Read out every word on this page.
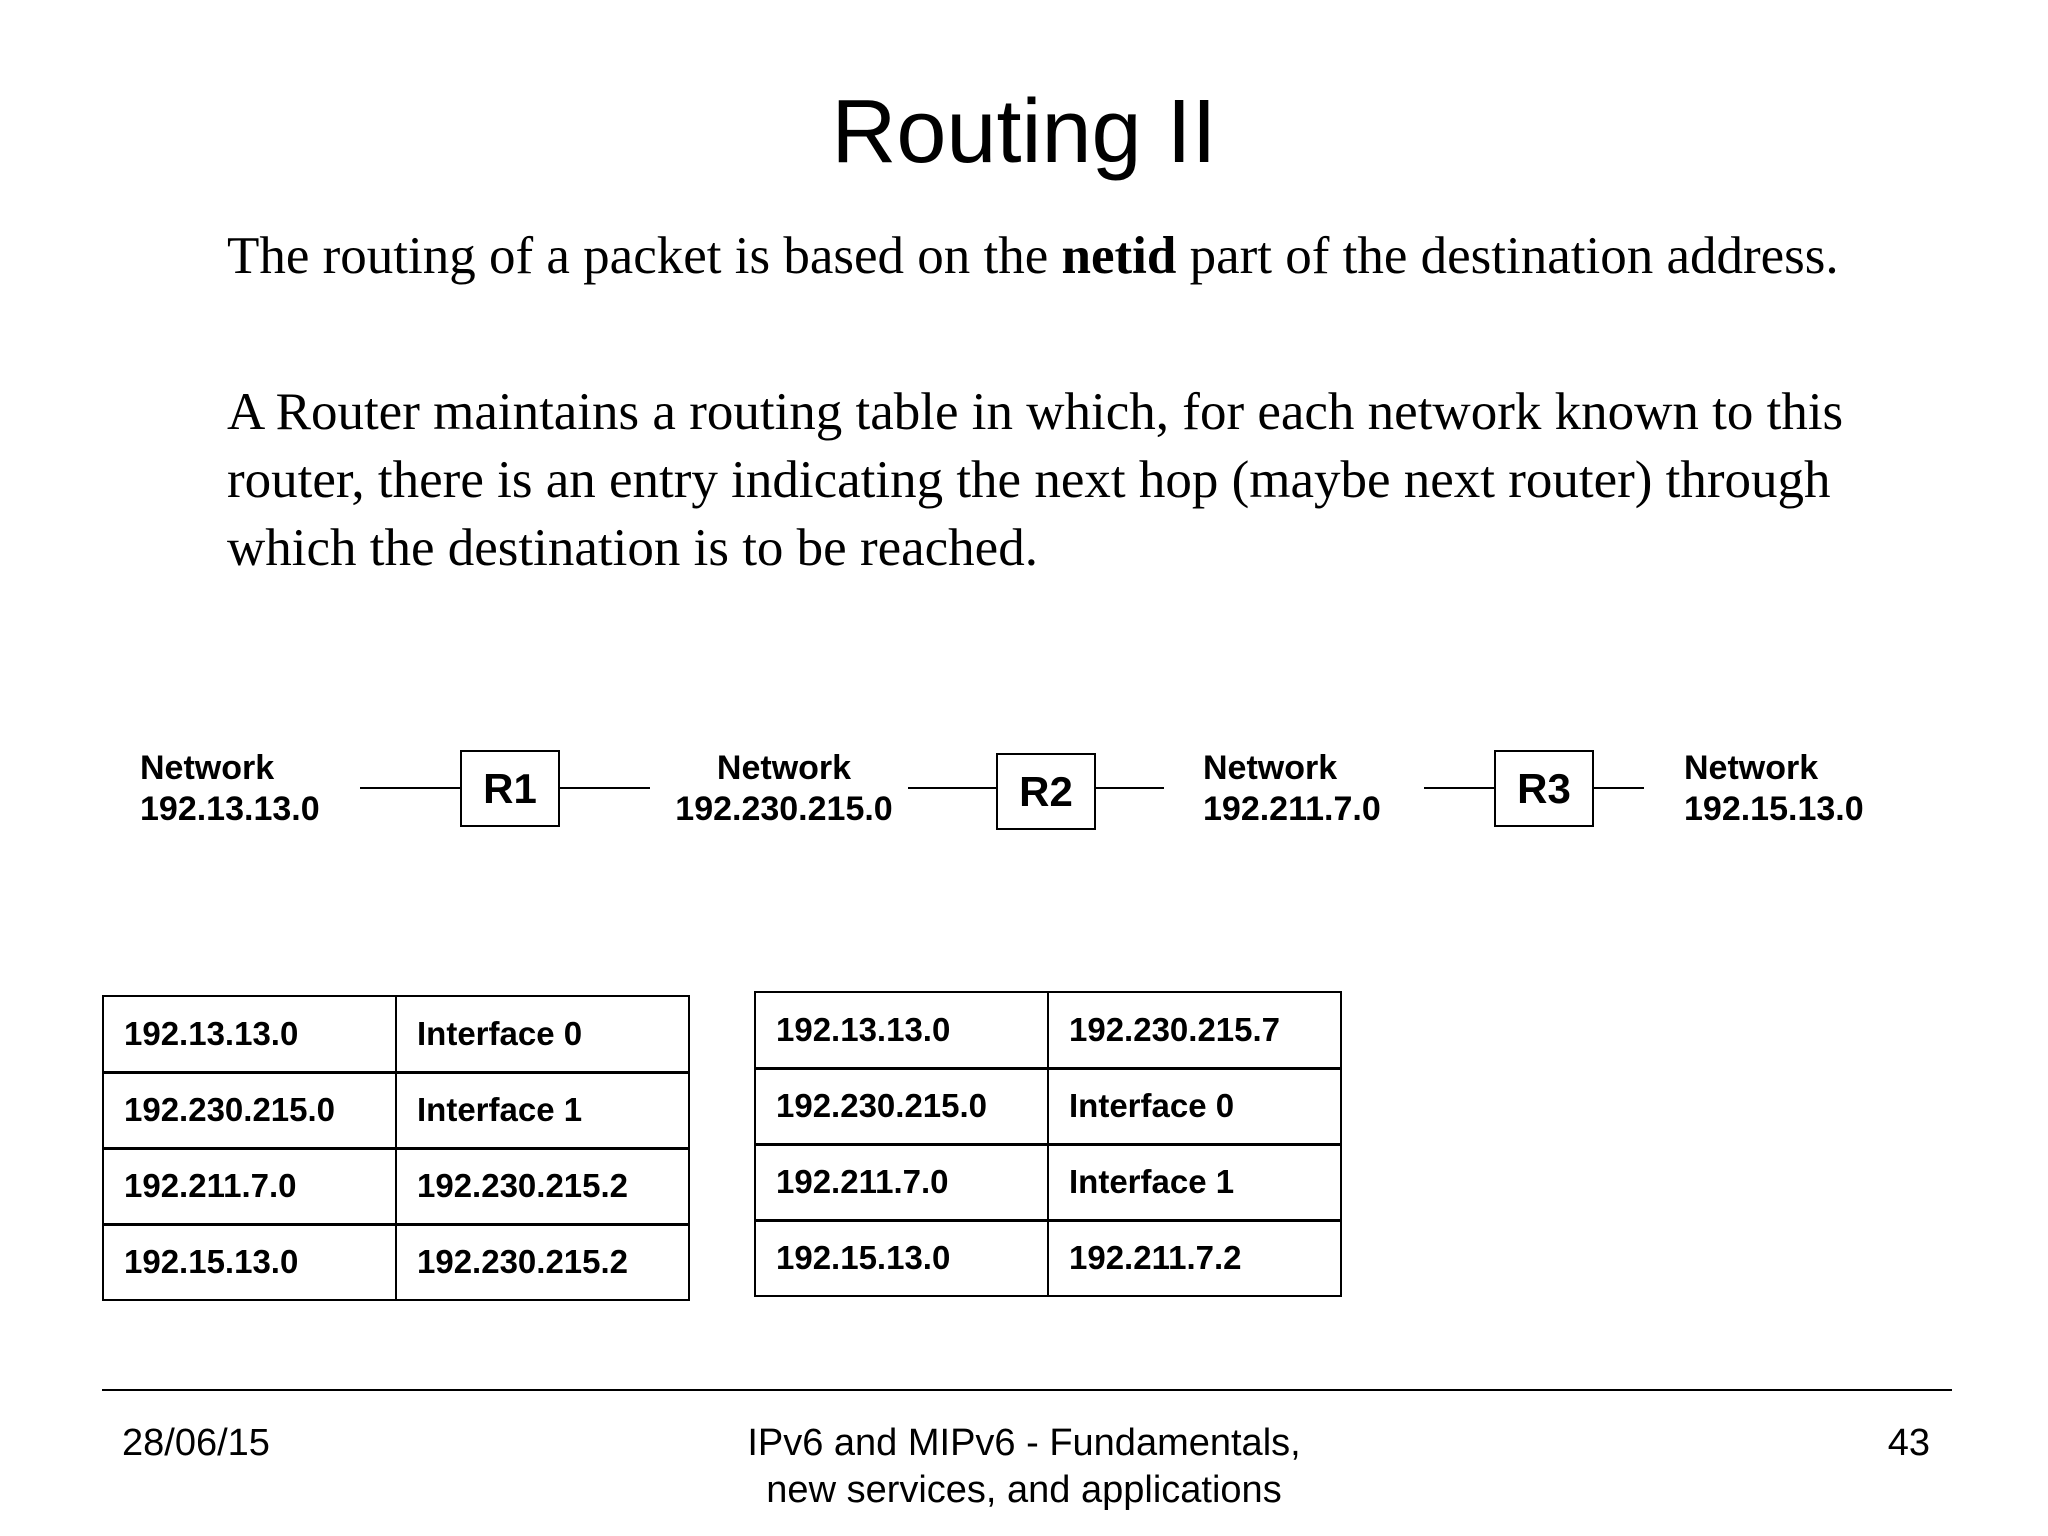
Routing II
The routing of a packet is based on the netid part of the destination address.
A Router maintains a routing table in which, for each network known to this router, there is an entry indicating the next hop (maybe next router) through which the destination is to be reached.
Network
192.13.13.0	R1	Network
192.230.215.0	R2	Network
192.211.7.0	R3	Network
192.15.13.0
192.13.13.0	Interface 0
192.230.215.0	Interface 1
192.211.7.0	192.230.215.2
192.15.13.0	192.230.215.2
192.13.13.0	192.230.215.7
192.230.215.0	Interface 0
192.211.7.0	Interface 1
192.15.13.0	192.211.7.2
28/06/15	IPv6 and MIPv6 - Fundamentals,
new services, and applications
43
